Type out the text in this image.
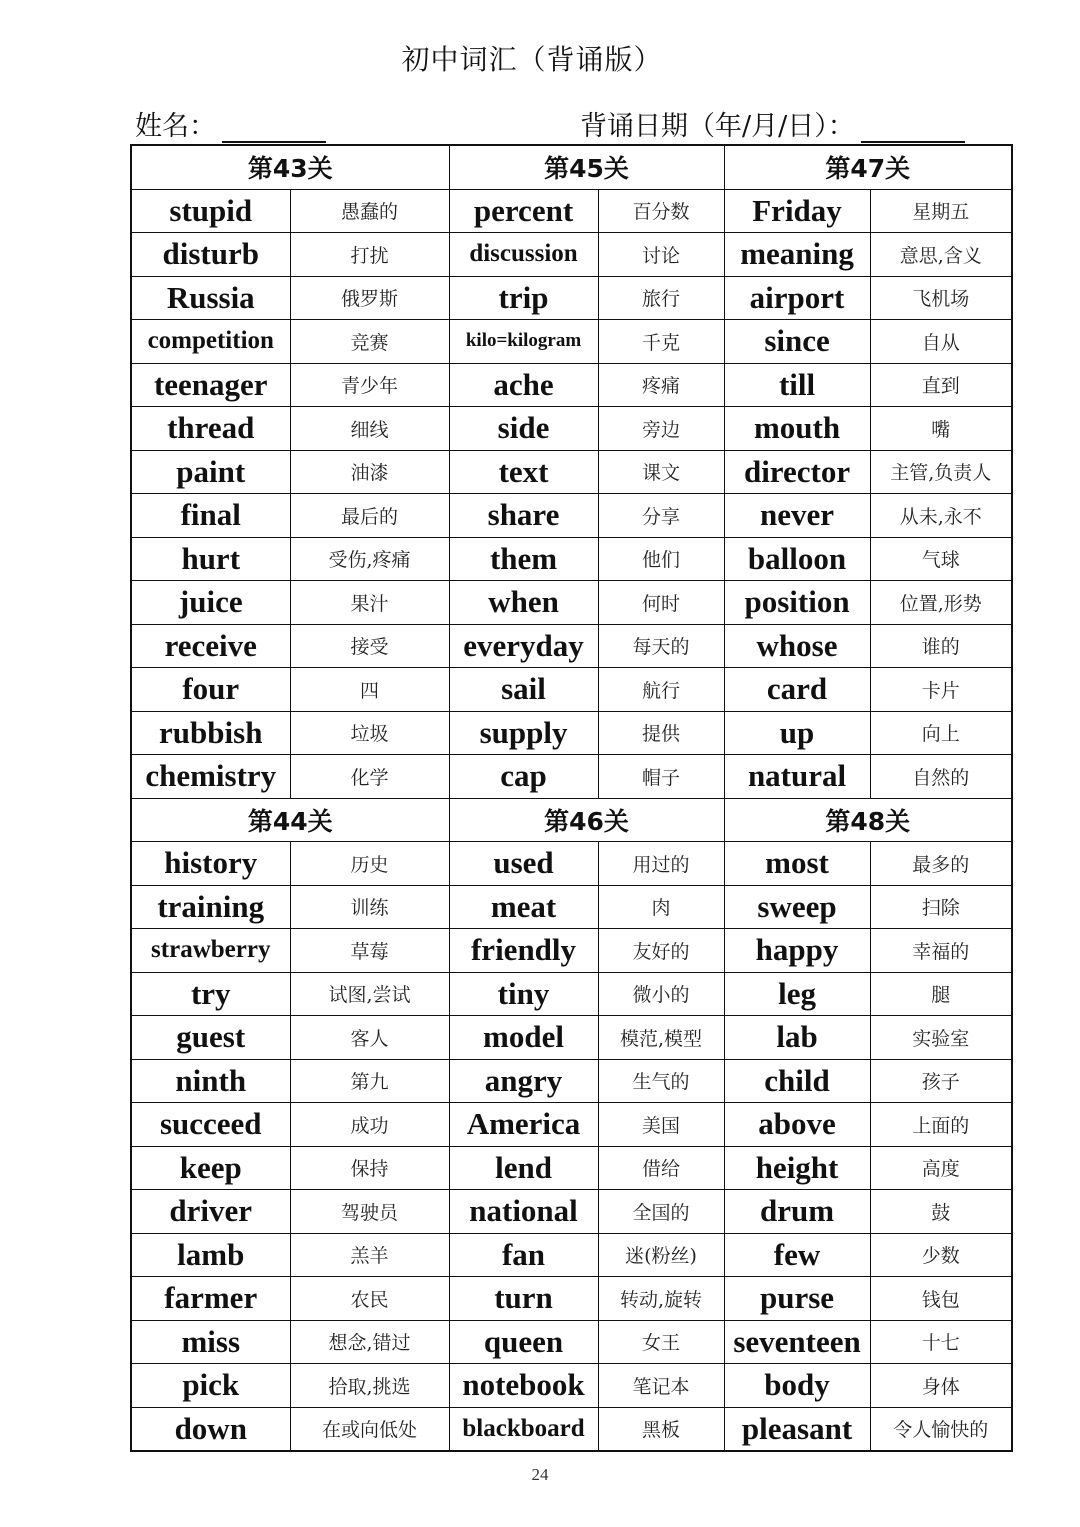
初中词汇（背诵版）
姓名：	背诵日期（年/月/日）：
第43关		第45关		第47关	
stupid	愚蠢的	percent	百分数	Friday	星期五
disturb	打扰	discussion	讨论	meaning	意思,含义
Russia	俄罗斯	trip	旅行	airport	飞机场
competition	竞赛	kilo=kilogram	千克	since	自从
teenager	青少年	ache	疼痛	till	直到
thread	细线	side	旁边	mouth	嘴
paint	油漆	text	课文	director	主管,负责人
final	最后的	share	分享	never	从未,永不
hurt	受伤,疼痛	them	他们	balloon	气球
juice	果汁	when	何时	position	位置,形势
receive	接受	everyday	每天的	whose	谁的
four	四	sail	航行	card	卡片
rubbish	垃圾	supply	提供	up	向上
chemistry	化学	cap	帽子	natural	自然的
第44关		第46关		第48关	
history	历史	used	用过的	most	最多的
training	训练	meat	肉	sweep	扫除
strawberry	草莓	friendly	友好的	happy	幸福的
try	试图,尝试	tiny	微小的	leg	腿
guest	客人	model	模范,模型	lab	实验室
ninth	第九	angry	生气的	child	孩子
succeed	成功	America	美国	above	上面的
keep	保持	lend	借给	height	高度
driver	驾驶员	national	全国的	drum	鼓
lamb	羔羊	fan	迷(粉丝)	few	少数
farmer	农民	turn	转动,旋转	purse	钱包
miss	想念,错过	queen	女王	seventeen	十七
pick	拾取,挑选	notebook	笔记本	body	身体
down	在或向低处	blackboard	黑板	pleasant	令人愉快的
24
